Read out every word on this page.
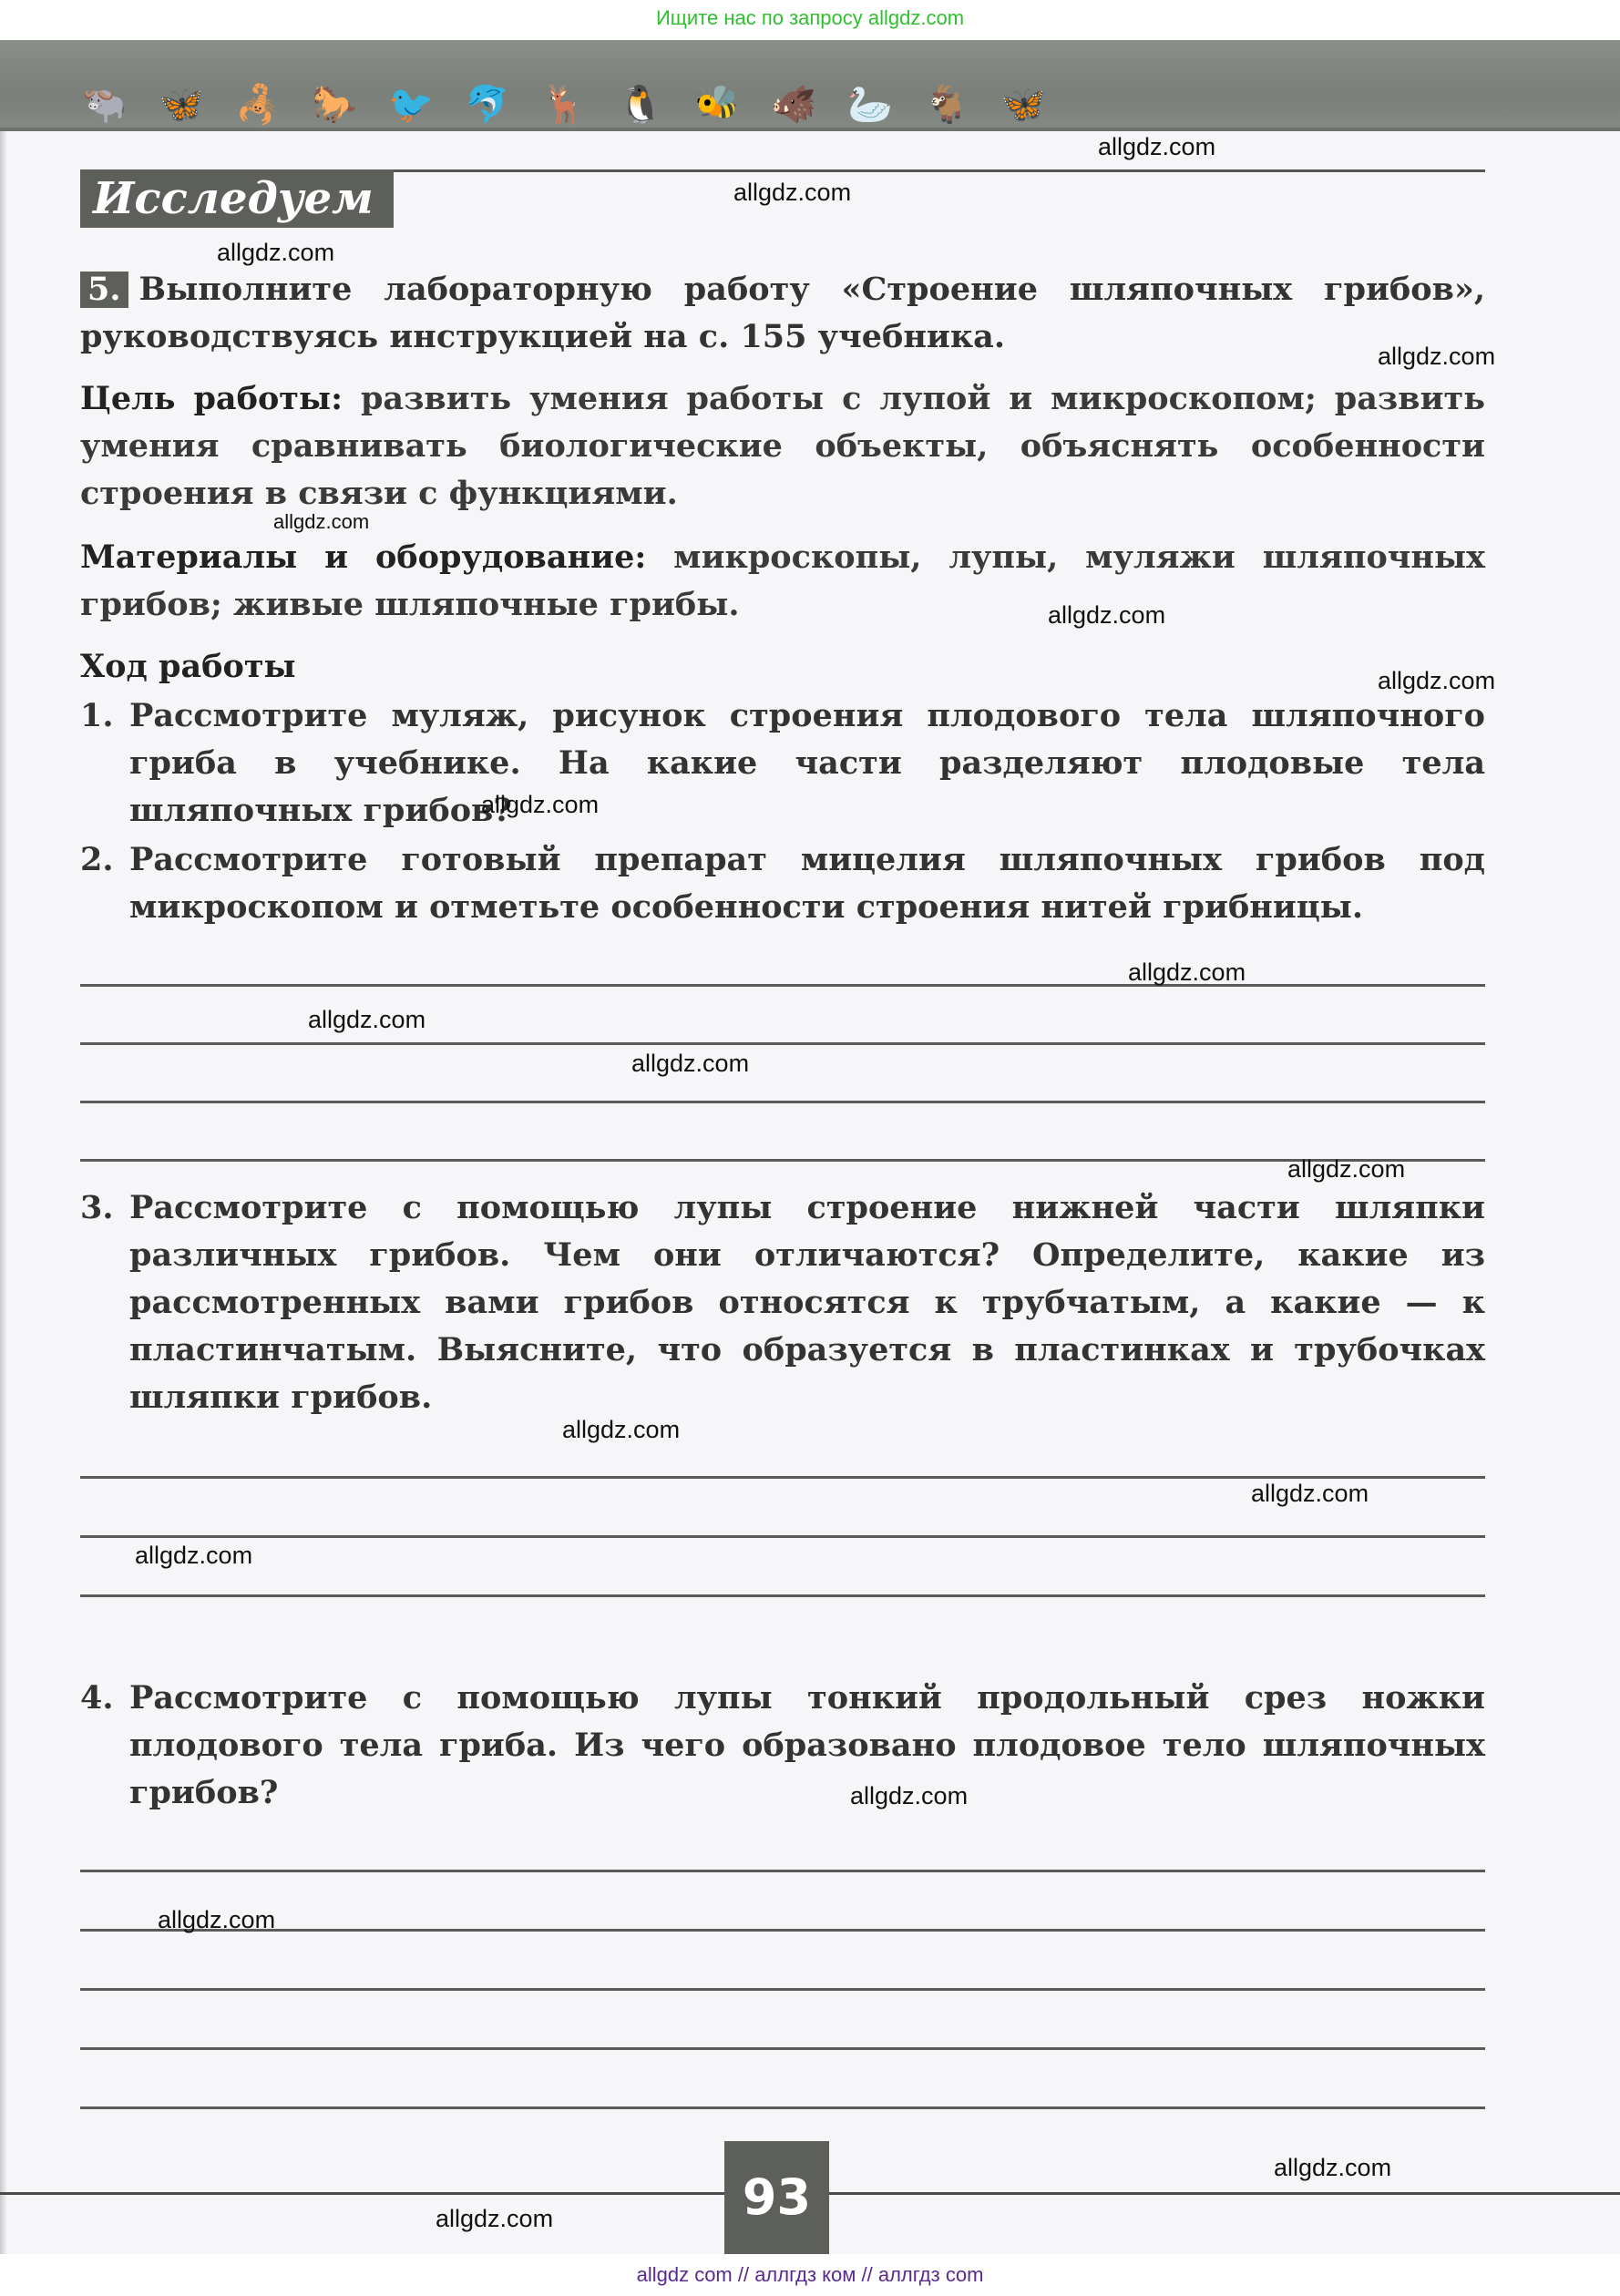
Ищите нас по запросу allgdz.com
🐃 🦋 🦂 🐎 🐦 🐬 🦌 🐧 🐝 🐗 🦢 🐐 🦋
Исследуем

5. Выполните лабораторную работу «Строение шляпочных грибов», руководствуясь инструкцией на с. 155 учебника.

Цель работы: развить умения работы с лупой и микроскопом; развить умения сравнивать биологические объекты, объяснять особенности строения в связи с функциями.

Материалы и оборудование: микроскопы, лупы, муляжи шляпочных грибов; живые шляпочные грибы.

Ход работы

1. Рассмотрите муляж, рисунок строения плодового тела шляпочного гриба в учебнике. На какие части разделяют плодовые тела шляпочных грибов?
2. Рассмотрите готовый препарат мицелия шляпочных грибов под микроскопом и отметьте особенности строения нитей грибницы.
3. Рассмотрите с помощью лупы строение нижней части шляпки различных грибов. Чем они отличаются? Определите, какие из рассмотренных вами грибов относятся к трубчатым, а какие — к пластинчатым. Выясните, что образуется в пластинках и трубочках шляпки грибов.
4. Рассмотрите с помощью лупы тонкий продольный срез ножки плодового тела гриба. Из чего образовано плодовое тело шляпочных грибов?
93
allgdz.com
allgdz.com
allgdz.com
allgdz.com
allgdz.com
allgdz.com
allgdz.com
allgdz.com
allgdz.com
allgdz.com
allgdz.com
allgdz.com
allgdz.com
allgdz.com
allgdz.com
allgdz.com
allgdz.com
allgdz.com
allgdz.com
allgdz com // аллгдз ком // аллгдз com
